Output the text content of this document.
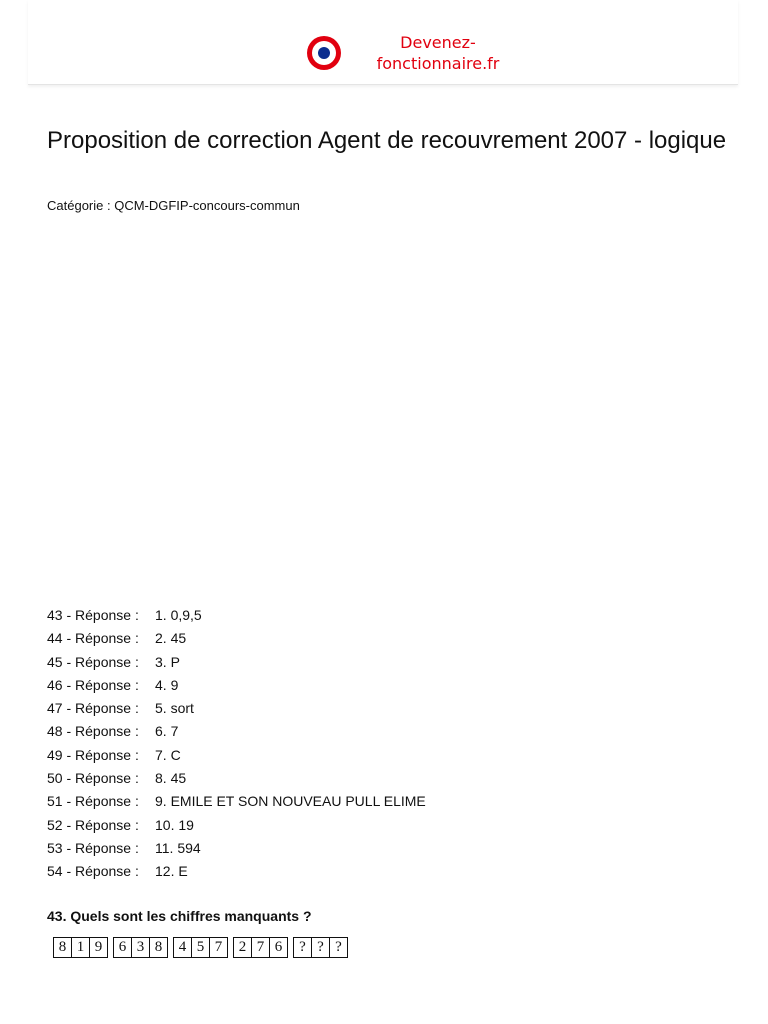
Devenez-
fonctionnaire.fr
Proposition de correction Agent de recouvrement 2007 - logique
Catégorie : QCM-DGFIP-concours-commun
43 - Réponse : 1. 0,9,5
44 - Réponse : 2. 45
45 - Réponse : 3. P
46 - Réponse : 4. 9
47 - Réponse : 5. sort
48 - Réponse : 6. 7
49 - Réponse : 7. C
50 - Réponse : 8. 45
51 - Réponse : 9. EMILE ET SON NOUVEAU PULL ELIME
52 - Réponse : 10. 19
53 - Réponse : 11. 594
54 - Réponse : 12. E
43. Quels sont les chiffres manquants ?
8 1 9	6 3 8	4 5 7	2 7 6	? ? ?
